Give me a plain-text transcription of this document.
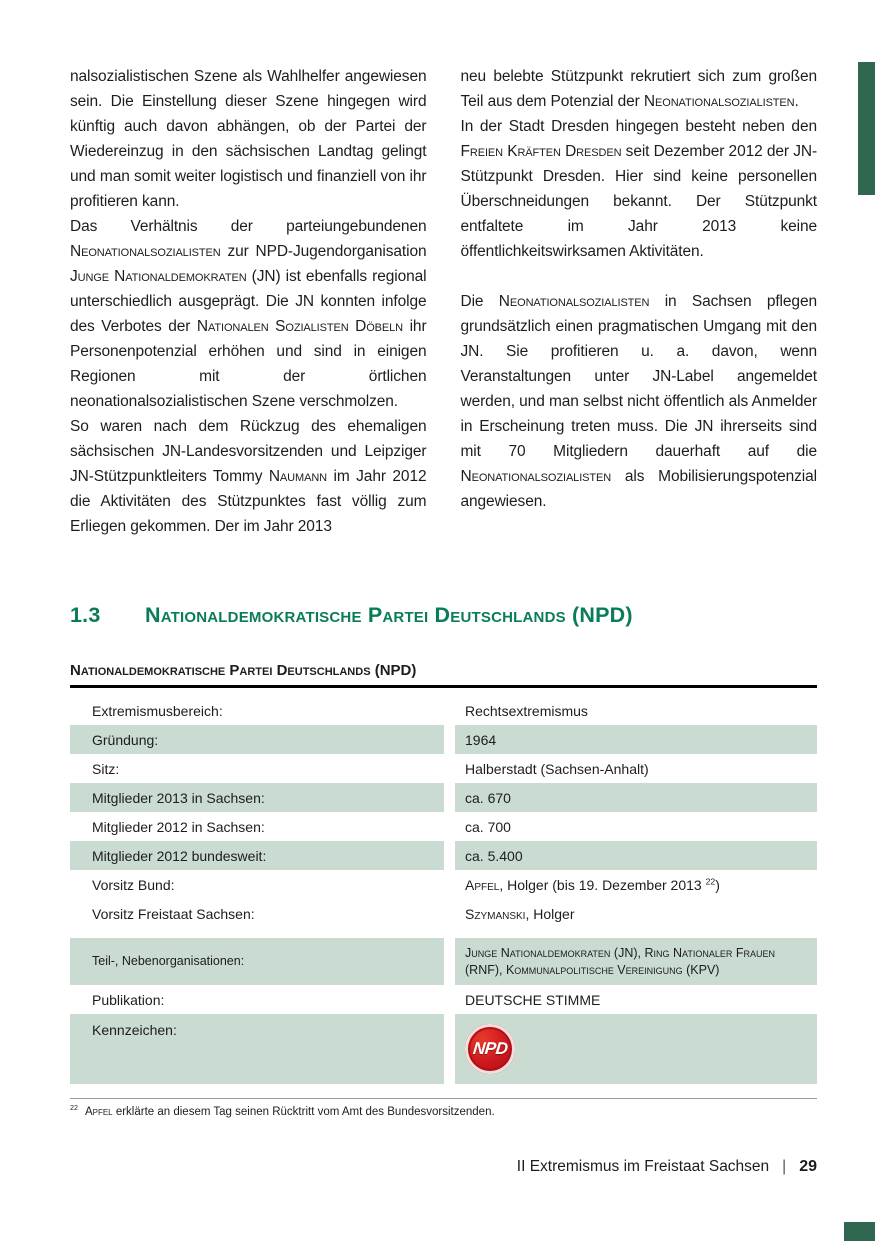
nalsozialistischen Szene als Wahlhelfer angewiesen sein. Die Einstellung dieser Szene hingegen wird künftig auch davon abhängen, ob der Partei der Wiedereinzug in den sächsischen Landtag gelingt und man somit weiter logistisch und finanziell von ihr profitieren kann.

Das Verhältnis der parteiungebundenen Neonationalsozialisten zur NPD-Jugendorganisation Junge Nationaldemokraten (JN) ist ebenfalls regional unterschiedlich ausgeprägt. Die JN konnten infolge des Verbotes der Nationalen Sozialisten Döbeln ihr Personenpotenzial erhöhen und sind in einigen Regionen mit der örtlichen neonationalsozialistischen Szene verschmolzen.

So waren nach dem Rückzug des ehemaligen sächsischen JN-Landesvorsitzenden und Leipziger JN-Stützpunktleiters Tommy Naumann im Jahr 2012 die Aktivitäten des Stützpunktes fast völlig zum Erliegen gekommen. Der im Jahr 2013

neu belebte Stützpunkt rekrutiert sich zum großen Teil aus dem Potenzial der Neonationalsozialisten.

In der Stadt Dresden hingegen besteht neben den Freien Kräften Dresden seit Dezember 2012 der JN-Stützpunkt Dresden. Hier sind keine personellen Überschneidungen bekannt. Der Stützpunkt entfaltete im Jahr 2013 keine öffentlichkeitswirksamen Aktivitäten.

Die Neonationalsozialisten in Sachsen pflegen grundsätzlich einen pragmatischen Umgang mit den JN. Sie profitieren u. a. davon, wenn Veranstaltungen unter JN-Label angemeldet werden, und man selbst nicht öffentlich als Anmelder in Erscheinung treten muss. Die JN ihrerseits sind mit 70 Mitgliedern dauerhaft auf die Neonationalsozialisten als Mobilisierungspotenzial angewiesen.

1.3	Nationaldemokratische Partei Deutschlands (NPD)
Nationaldemokratische Partei Deutschlands (NPD)
Extremismusbereich:	Rechtsextremismus
Gründung:	1964
Sitz:	Halberstadt (Sachsen-Anhalt)
Mitglieder 2013 in Sachsen:	ca. 670
Mitglieder 2012 in Sachsen:	ca. 700
Mitglieder 2012 bundesweit:	ca. 5.400
Vorsitz Bund:	Apfel, Holger (bis 19. Dezember 2013 $^{22}$)
Vorsitz Freistaat Sachsen:	Szymanski, Holger
Teil-, Nebenorganisationen:
Junge Nationaldemokraten (JN), Ring Nationaler Frauen (RNF), Kommunalpolitische Vereinigung (KPV)
Publikation:	DEUTSCHE STIMME
Kennzeichen:
NPD
$^{22}$ Apfel erklärte an diesem Tag seinen Rücktritt vom Amt des Bundesvorsitzenden.
II Extremismus im Freistaat Sachsen | 29
